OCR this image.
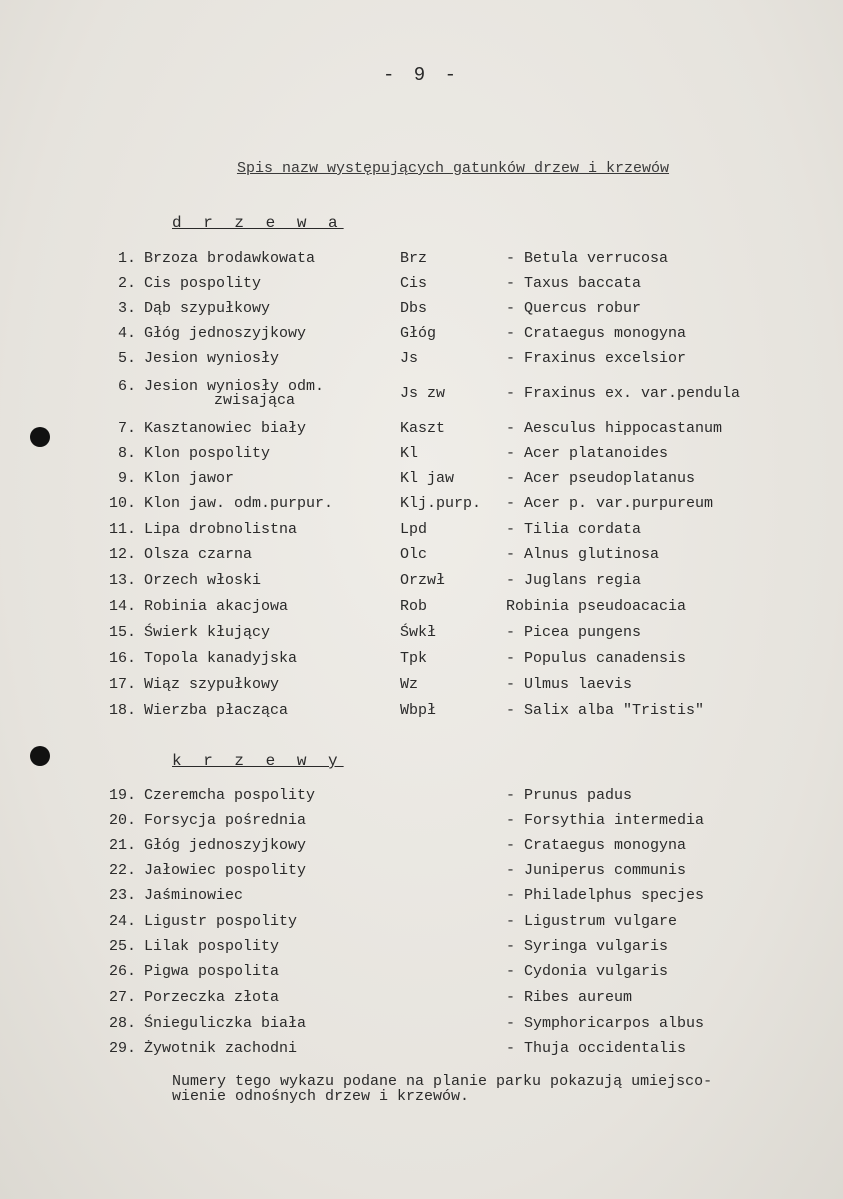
- 9 -
Spis nazw występujących gatunków drzew i krzewów
d r z e w a
k r z e w y
1. Brzoza brodawkowata	Brz	- Betula verrucosa
2. Cis pospolity	Cis	- Taxus baccata
3. Dąb szypułkowy	Dbs	- Quercus robur
4. Głóg jednoszyjkowy	Głóg	- Crataegus monogyna
5. Jesion wyniosły	Js	- Fraxinus excelsior
6. Jesion wyniosły odm.
zwisająca	Js zw	- Fraxinus ex. var.pendula
7. Kasztanowiec biały	Kaszt	- Aesculus hippocastanum
8. Klon pospolity	Kl	- Acer platanoides
9. Klon jawor	Kl jaw	- Acer pseudoplatanus
10. Klon jaw. odm.purpur.	Klj.purp. - Acer p. var.purpureum
11. Lipa drobnolistna	Lpd	- Tilia cordata
12. Olsza czarna	Olc	- Alnus glutinosa
13. Orzech włoski	Orzwł	- Juglans regia
14. Robinia akacjowa	Rob	Robinia pseudoacacia
15. Świerk kłujący	Śwkł	- Picea pungens
16. Topola kanadyjska	Tpk	- Populus canadensis
17. Wiąz szypułkowy	Wz	- Ulmus laevis
18. Wierzba płacząca	Wbpł	- Salix alba "Tristis"
19. Czeremcha pospolity	- Prunus padus
20. Forsycja pośrednia	- Forsythia intermedia
21. Głóg jednoszyjkowy	- Crataegus monogyna
22. Jałowiec pospolity	- Juniperus communis
23. Jaśminowiec	- Philadelphus specjes
24. Ligustr pospolity	- Ligustrum vulgare
25. Lilak pospolity	- Syringa vulgaris
26. Pigwa pospolita	- Cydonia vulgaris
27. Porzeczka złota	- Ribes aureum
28. Śnieguliczka biała	- Symphoricarpos albus
29. Żywotnik zachodni	- Thuja occidentalis
Numery tego wykazu podane na planie parku pokazują umiejsco-
wienie odnośnych drzew i krzewów.
